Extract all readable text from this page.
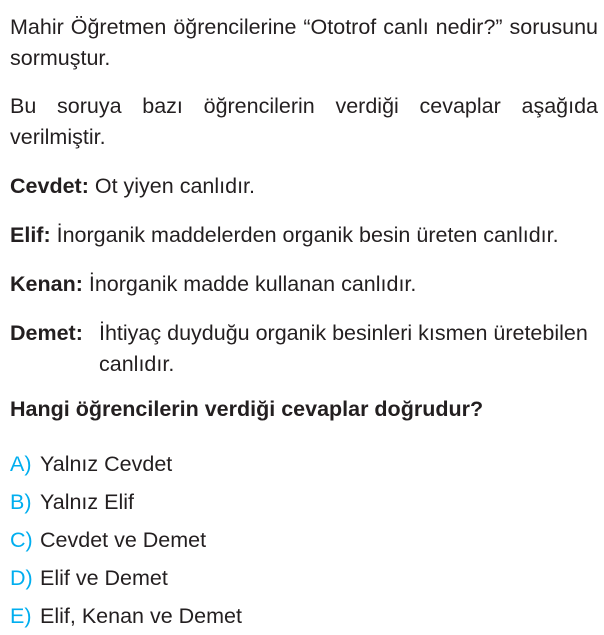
Mahir Öğretmen öğrencilerine “Ototrof canlı nedir?” sorusunu sormuştur.

Bu soruya bazı öğrencilerin verdiği cevaplar aşağıda verilmiştir.

Cevdet: Ot yiyen canlıdır.
Elif: İnorganik maddelerden organik besin üreten canlıdır.
Kenan: İnorganik madde kullanan canlıdır.
Demet: İhtiyaç duyduğu organik besinleri kısmen üretebilen canlıdır.

Hangi öğrencilerin verdiği cevaplar doğrudur?

A) Yalnız Cevdet
B) Yalnız Elif
C) Cevdet ve Demet
D) Elif ve Demet
E) Elif, Kenan ve Demet
